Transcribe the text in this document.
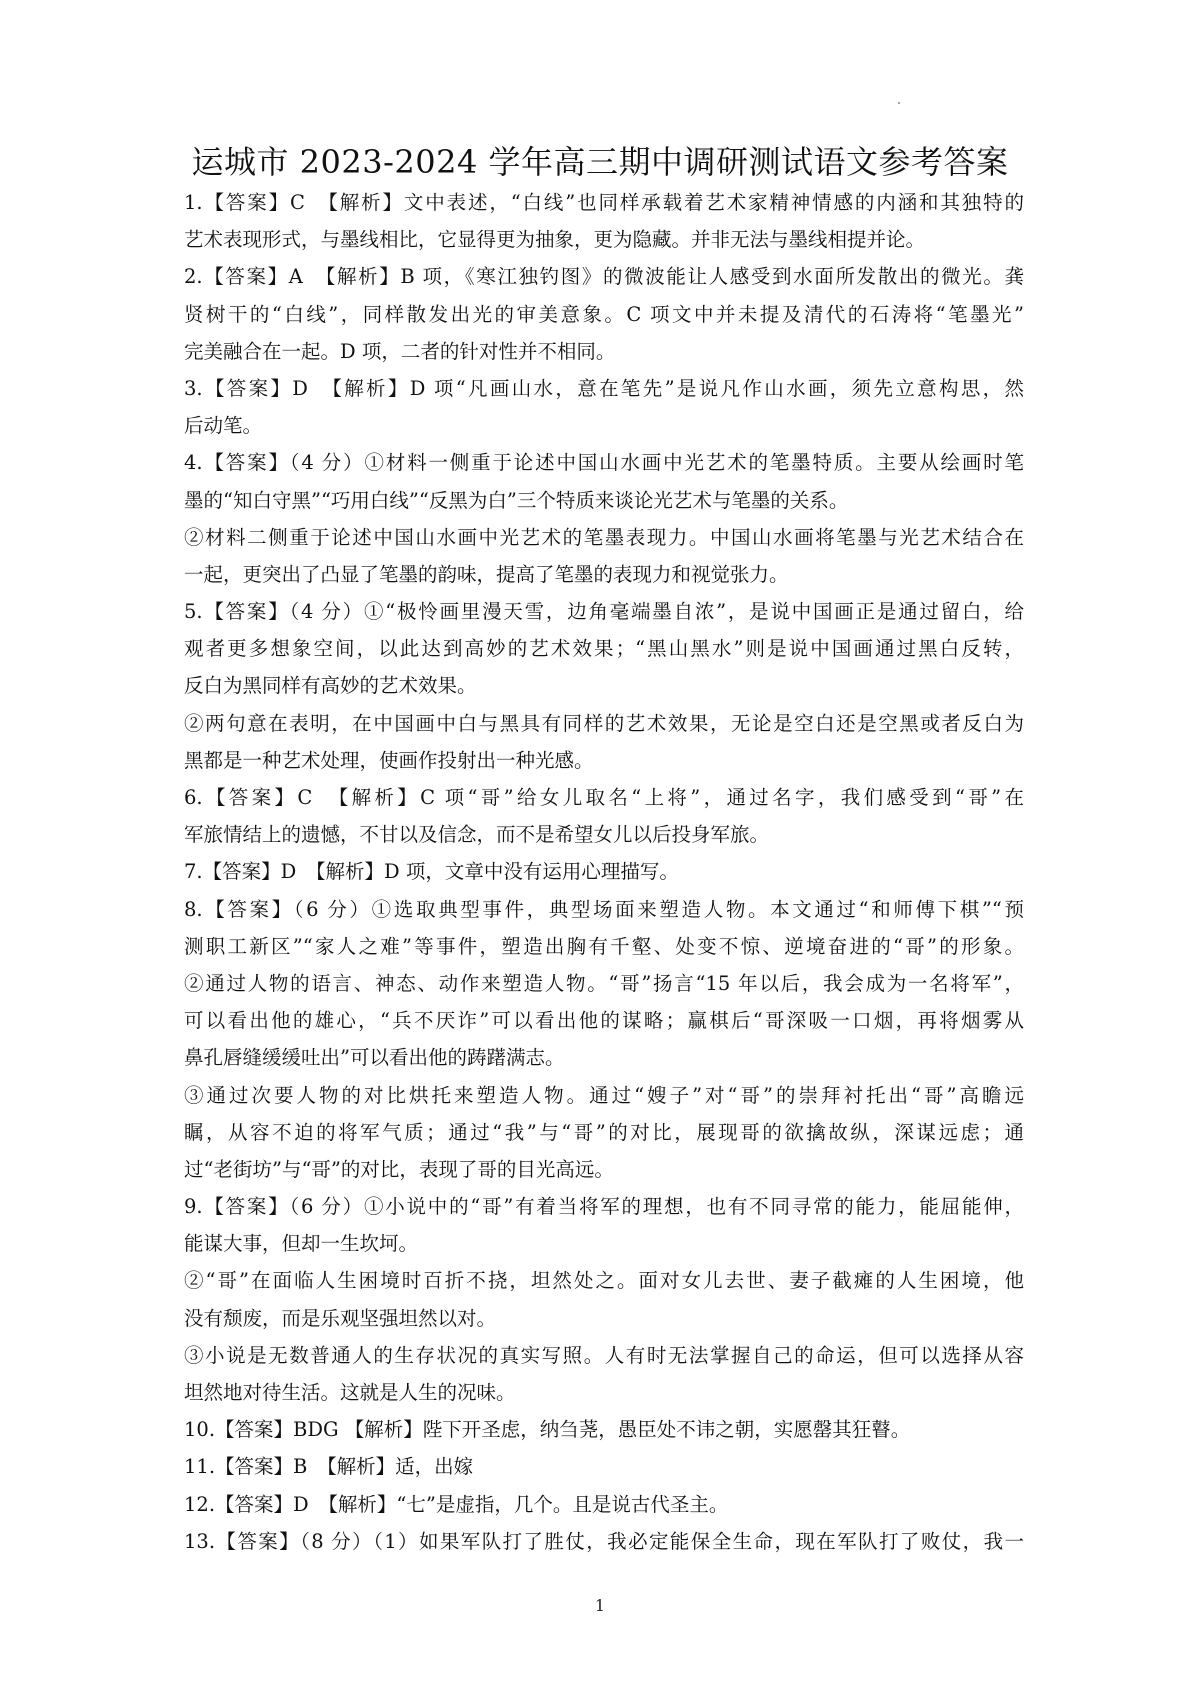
运城市 2023-2024 学年高三期中调研测试语文参考答案
1.【答案】C　【解析】文中表述，“白线”也同样承载着艺术家精神情感的内涵和其独特的
艺术表现形式，与墨线相比，它显得更为抽象，更为隐藏。并非无法与墨线相提并论。
2.【答案】A　【解析】B 项，《寒江独钓图》的微波能让人感受到水面所发散出的微光。龚
贤树干的“白线”，同样散发出光的审美意象。C 项文中并未提及清代的石涛将“笔墨光”
完美融合在一起。D 项，二者的针对性并不相同。
3.【答案】D　【解析】D 项“凡画山水，意在笔先”是说凡作山水画，须先立意构思，然
后动笔。
4.【答案】（4 分）①材料一侧重于论述中国山水画中光艺术的笔墨特质。主要从绘画时笔
墨的“知白守黑”“巧用白线”“反黑为白”三个特质来谈论光艺术与笔墨的关系。
②材料二侧重于论述中国山水画中光艺术的笔墨表现力。中国山水画将笔墨与光艺术结合在
一起，更突出了凸显了笔墨的韵味，提高了笔墨的表现力和视觉张力。
5.【答案】（4 分）①“极怜画里漫天雪，边角毫端墨自浓”，是说中国画正是通过留白，给
观者更多想象空间，以此达到高妙的艺术效果；“黑山黑水”则是说中国画通过黑白反转，
反白为黑同样有高妙的艺术效果。
②两句意在表明，在中国画中白与黑具有同样的艺术效果，无论是空白还是空黑或者反白为
黑都是一种艺术处理，使画作投射出一种光感。
6.【答案】C　【解析】C 项“哥”给女儿取名“上将”，通过名字，我们感受到“哥”在
军旅情结上的遗憾，不甘以及信念，而不是希望女儿以后投身军旅。
7.【答案】D　【解析】D 项，文章中没有运用心理描写。
8.【答案】（6 分）①选取典型事件，典型场面来塑造人物。本文通过“和师傅下棋”“预
测职工新区”“家人之难”等事件，塑造出胸有千壑、处变不惊、逆境奋进的“哥”的形象。
②通过人物的语言、神态、动作来塑造人物。“哥”扬言“15 年以后，我会成为一名将军”，
可以看出他的雄心，“兵不厌诈”可以看出他的谋略；赢棋后“哥深吸一口烟，再将烟雾从
鼻孔唇缝缓缓吐出”可以看出他的踌躇满志。
③通过次要人物的对比烘托来塑造人物。通过“嫂子”对“哥”的崇拜衬托出“哥”高瞻远
瞩，从容不迫的将军气质；通过“我”与“哥”的对比，展现哥的欲擒故纵，深谋远虑；通
过“老街坊”与“哥”的对比，表现了哥的目光高远。
9.【答案】（6 分）①小说中的“哥”有着当将军的理想，也有不同寻常的能力，能屈能伸，
能谋大事，但却一生坎坷。
②“哥”在面临人生困境时百折不挠，坦然处之。面对女儿去世、妻子截瘫的人生困境，他
没有颓废，而是乐观坚强坦然以对。
③小说是无数普通人的生存状况的真实写照。人有时无法掌握自己的命运，但可以选择从容
坦然地对待生活。这就是人生的况味。
10.【答案】BDG 【解析】陛下开圣虑，纳刍荛，愚臣处不讳之朝，实愿罄其狂瞽。
11.【答案】B　【解析】适，出嫁
12.【答案】D　【解析】“七”是虚指，几个。且是说古代圣主。
13.【答案】（8 分）（1）如果军队打了胜仗，我必定能保全生命，现在军队打了败仗，我一
1
